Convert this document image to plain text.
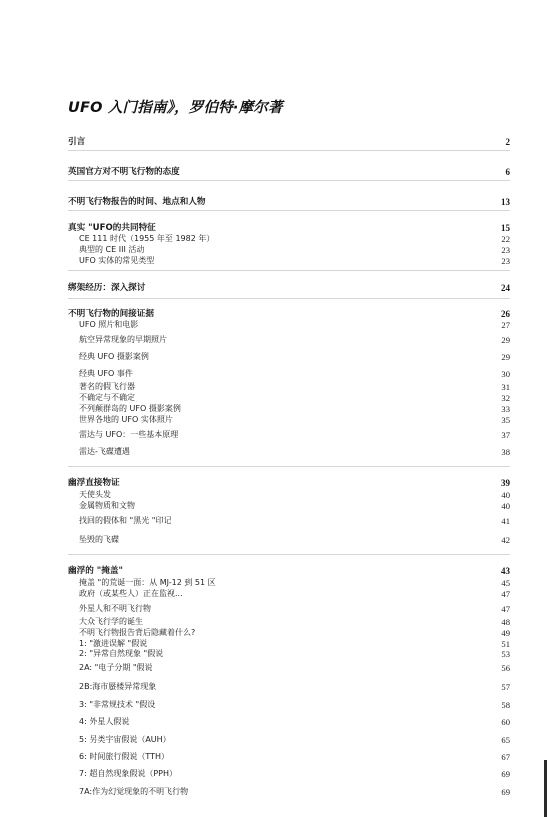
UFO 入门指南》，罗伯特·摩尔著
引言	2
英国官方对不明飞行物的态度	6
不明飞行物报告的时间、地点和人物	13
真实 "UFO的共同特征	15
CE 111 时代（1955 年至 1982 年）	22
典型的 CE III 活动	23
UFO 实体的常见类型	23
绑架经历：深入探讨	24
不明飞行物的间接证据	26
UFO 照片和电影	27
航空异常现象的早期照片	29
经典 UFO 摄影案例	29
经典 UFO 事件	30
著名的假飞行器	31
不确定与不确定	32
不列颠群岛的 UFO 摄影案例	33
世界各地的 UFO 实体照片	35
雷达与 UFO：一些基本原理	37
雷达-飞碟遭遇	38
幽浮直接物证	39
天使头发	40
金属物质和文物	40
找回的假体和 "黑光 "印记	41
坠毁的飞碟	42
幽浮的 "掩盖"	43
掩盖 "的荒诞一面：从 MJ-12 到 51 区	45
政府（或某些人）正在监视...	47
外星人和不明飞行物	47
大众飞行学的诞生	48
不明飞行物报告背后隐藏着什么?	49
1: "激进误解 "假说	51
2: "异常自然现象 "假说	53
2A: "电子分期 "假说	56
2B:海市蜃楼异常现象	57
3: "非常规技术 "假设	58
4: 外星人假说	60
5: 另类宇宙假说（AUH）	65
6: 时间旅行假说（TTH）	67
7: 超自然现象假说（PPH）	69
7A:作为幻觉现象的不明飞行物	69
